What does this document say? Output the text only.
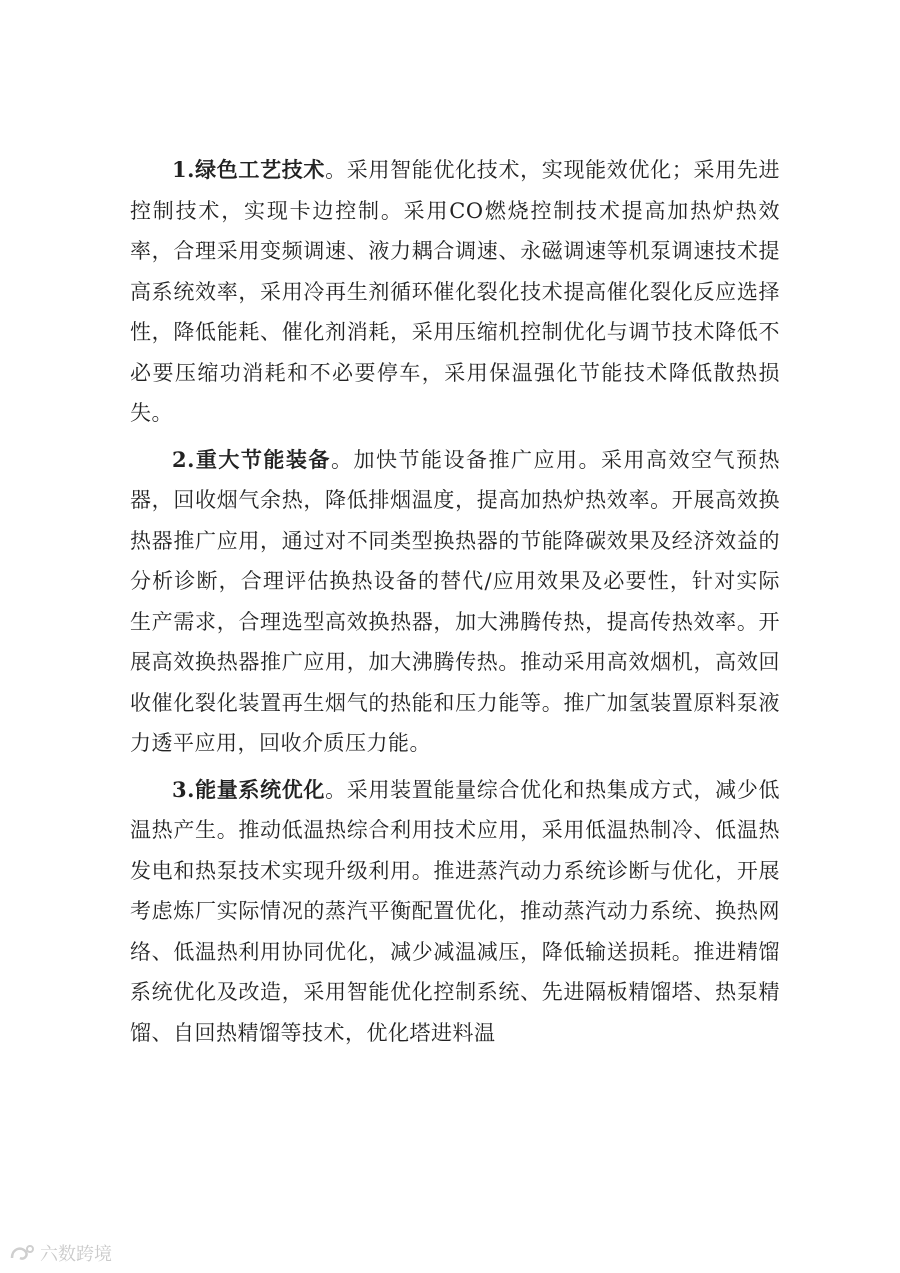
1.绿色工艺技术。采用智能优化技术，实现能效优化；采用先进控制技术，实现卡边控制。采用CO燃烧控制技术提高加热炉热效率，合理采用变频调速、液力耦合调速、永磁调速等机泵调速技术提高系统效率，采用冷再生剂循环催化裂化技术提高催化裂化反应选择性，降低能耗、催化剂消耗，采用压缩机控制优化与调节技术降低不必要压缩功消耗和不必要停车，采用保温强化节能技术降低散热损失。

2.重大节能装备。加快节能设备推广应用。采用高效空气预热器，回收烟气余热，降低排烟温度，提高加热炉热效率。开展高效换热器推广应用，通过对不同类型换热器的节能降碳效果及经济效益的分析诊断，合理评估换热设备的替代/应用效果及必要性，针对实际生产需求，合理选型高效换热器，加大沸腾传热，提高传热效率。开展高效换热器推广应用，加大沸腾传热。推动采用高效烟机，高效回收催化裂化装置再生烟气的热能和压力能等。推广加氢装置原料泵液力透平应用，回收介质压力能。

3.能量系统优化。采用装置能量综合优化和热集成方式，减少低温热产生。推动低温热综合利用技术应用，采用低温热制冷、低温热发电和热泵技术实现升级利用。推进蒸汽动力系统诊断与优化，开展考虑炼厂实际情况的蒸汽平衡配置优化，推动蒸汽动力系统、换热网络、低温热利用协同优化，减少减温减压，降低输送损耗。推进精馏系统优化及改造，采用智能优化控制系统、先进隔板精馏塔、热泵精馏、自回热精馏等技术，优化塔进料温

六数跨境
